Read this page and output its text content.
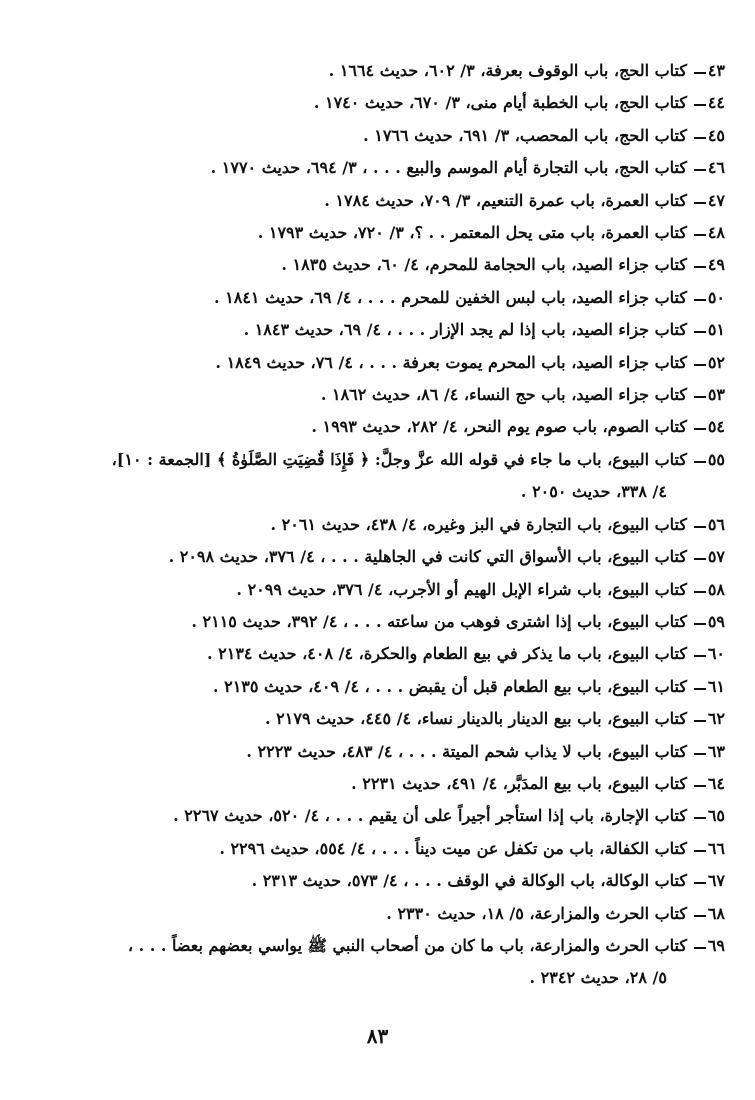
٤٣
كتاب الحج، باب الوقوف بعرفة، ٣/ ٦٠٢، حديث ١٦٦٤ .
٤٤
كتاب الحج، باب الخطبة أيام منى، ٣/ ٦٧٠، حديث ١٧٤٠ .
٤٥
كتاب الحج، باب المحصب، ٣/ ٦٩١، حديث ١٧٦٦ .
٤٦
كتاب الحج، باب التجارة أيام الموسم والبيع . . . ، ٣/ ٦٩٤، حديث ١٧٧٠ .
٤٧
كتاب العمرة، باب عمرة التنعيم، ٣/ ٧٠٩، حديث ١٧٨٤ .
٤٨
كتاب العمرة، باب متى يحل المعتمر . . ؟، ٣/ ٧٢٠، حديث ١٧٩٣ .
٤٩
كتاب جزاء الصيد، باب الحجامة للمحرم، ٤/ ٦٠، حديث ١٨٣٥ .
٥٠
كتاب جزاء الصيد، باب لبس الخفين للمحرم . . . ، ٤/ ٦٩، حديث ١٨٤١ .
٥١
كتاب جزاء الصيد، باب إذا لم يجد الإزار . . . ، ٤/ ٦٩، حديث ١٨٤٣ .
٥٢
كتاب جزاء الصيد، باب المحرم يموت بعرفة . . . ، ٤/ ٧٦، حديث ١٨٤٩ .
٥٣
كتاب جزاء الصيد، باب حج النساء، ٤/ ٨٦، حديث ١٨٦٢ .
٥٤
كتاب الصوم، باب صوم يوم النحر، ٤/ ٢٨٢، حديث ١٩٩٣ .
٥٥
كتاب البيوع، باب ما جاء في قوله الله عزَّ وجلَّ: ﴿ فَإِذَا قُضِيَتِ الصَّلَوٰةُ ﴾ [الجمعة : ١٠]،
٤/ ٣٣٨، حديث ٢٠٥٠ .
٥٦
كتاب البيوع، باب التجارة في البز وغيره، ٤/ ٤٣٨، حديث ٢٠٦١ .
٥٧
كتاب البيوع، باب الأسواق التي كانت في الجاهلية . . . ، ٤/ ٣٧٦، حديث ٢٠٩٨ .
٥٨
كتاب البيوع، باب شراء الإبل الهيم أو الأجرب، ٤/ ٣٧٦، حديث ٢٠٩٩ .
٥٩
كتاب البيوع، باب إذا اشترى فوهب من ساعته . . . ، ٤/ ٣٩٢، حديث ٢١١٥ .
٦٠
كتاب البيوع، باب ما يذكر في بيع الطعام والحكرة، ٤/ ٤٠٨، حديث ٢١٣٤ .
٦١
كتاب البيوع، باب بيع الطعام قبل أن يقبض . . . ، ٤/ ٤٠٩، حديث ٢١٣٥ .
٦٢
كتاب البيوع، باب بيع الدينار بالدينار نساء، ٤/ ٤٤٥، حديث ٢١٧٩ .
٦٣
كتاب البيوع، باب لا يذاب شحم الميتة . . . ، ٤/ ٤٨٣، حديث ٢٢٢٣ .
٦٤
كتاب البيوع، باب بيع المدَبَّر، ٤/ ٤٩١، حديث ٢٢٣١ .
٦٥
كتاب الإجارة، باب إذا استأجر أجيراً على أن يقيم . . . ، ٤/ ٥٢٠، حديث ٢٢٦٧ .
٦٦
كتاب الكفالة، باب من تكفل عن ميت ديناً . . . ، ٤/ ٥٥٤، حديث ٢٢٩٦ .
٦٧
كتاب الوكالة، باب الوكالة في الوقف . . . ، ٤/ ٥٧٣، حديث ٢٣١٣ .
٦٨
كتاب الحرث والمزارعة، ٥/ ١٨، حديث ٢٣٣٠ .
٦٩
كتاب الحرث والمزارعة، باب ما كان من أصحاب النبي ﷺ يواسي بعضهم بعضاً . . . ،
٥/ ٢٨، حديث ٢٣٤٢ .
٨٣
